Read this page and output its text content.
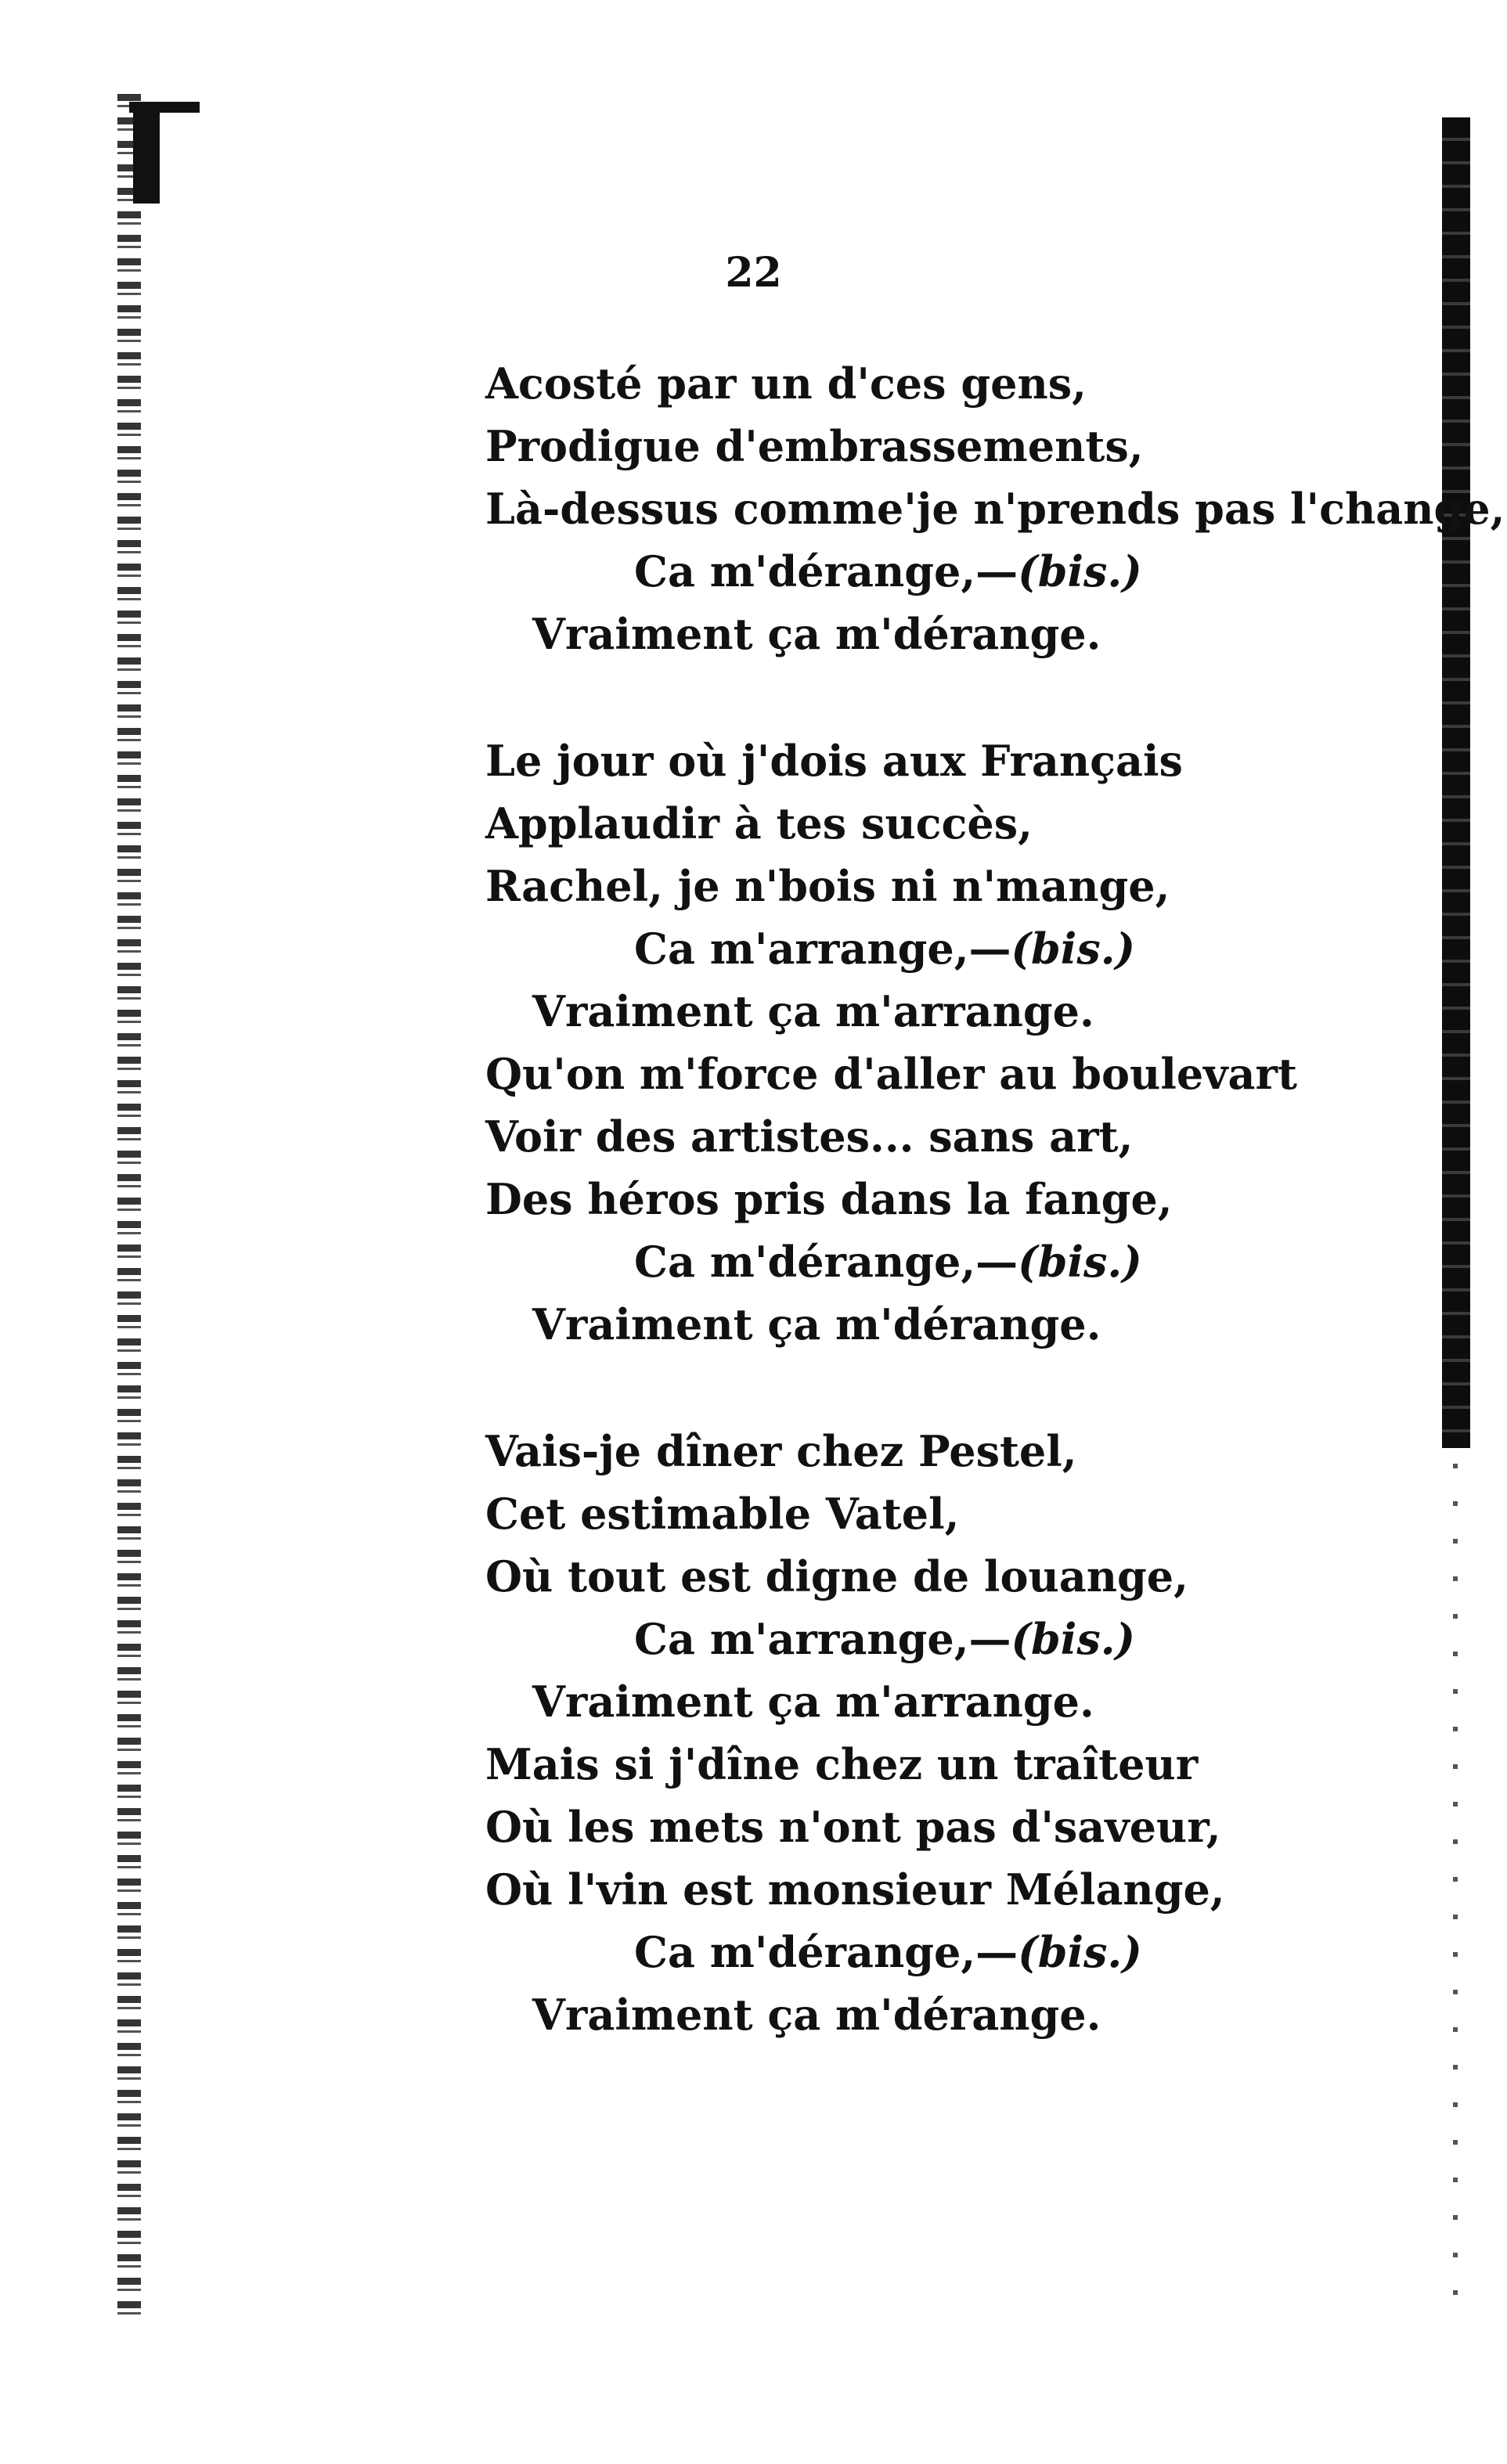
22
Acosté par un d'ces gens,
Prodigue d'embrassements,
Là-dessus comme'je n'prends pas l'change,
Ca m'dérange,—(bis.)
Vraiment ça m'dérange.
Le jour où j'dois aux Français
Applaudir à tes succès,
Rachel, je n'bois ni n'mange,
Ca m'arrange,—(bis.)
Vraiment ça m'arrange.
Qu'on m'force d'aller au boulevart
Voir des artistes... sans art,
Des héros pris dans la fange,
Ca m'dérange,—(bis.)
Vraiment ça m'dérange.
Vais-je dîner chez Pestel,
Cet estimable Vatel,
Où tout est digne de louange,
Ca m'arrange,—(bis.)
Vraiment ça m'arrange.
Mais si j'dîne chez un traîteur
Où les mets n'ont pas d'saveur,
Où l'vin est monsieur Mélange,
Ca m'dérange,—(bis.)
Vraiment ça m'dérange.
